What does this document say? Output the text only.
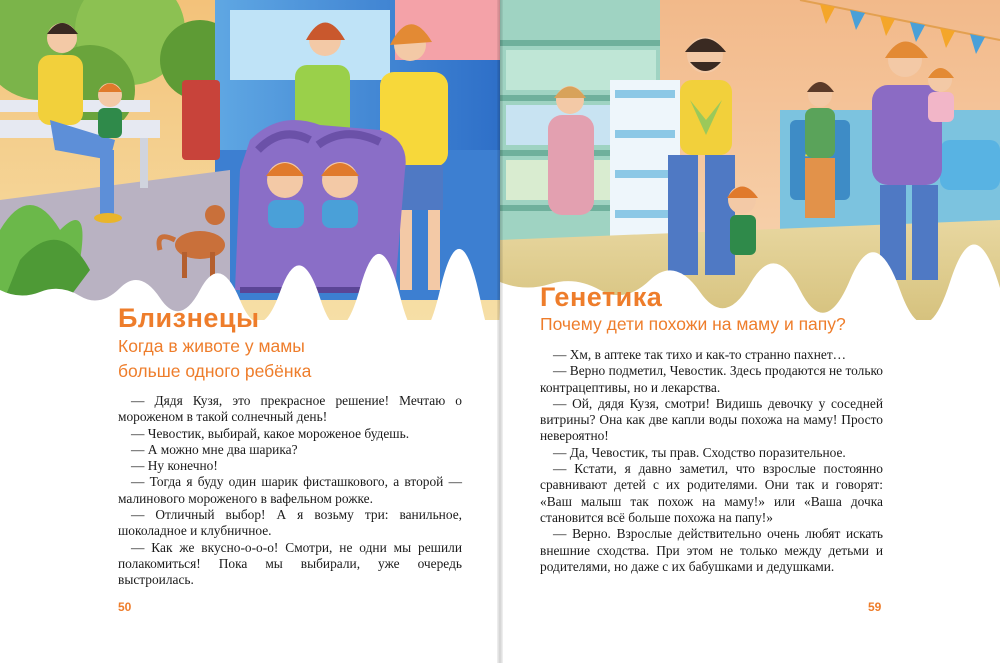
Близнецы
Когда в животе у мамы
больше одного ребёнка

— Дядя Кузя, это прекрасное решение! Мечтаю о мороженом в такой солнечный день!

— Чевостик, выбирай, какое мороженое будешь.

— А можно мне два шарика?

— Ну конечно!

— Тогда я буду один шарик фисташкового, а второй — малинового мороженого в вафельном рожке.

— Отличный выбор! А я возьму три: ванильное, шоколадное и клубничное.

— Как же вкусно-о-о-о! Смотри, не одни мы решили полакомиться! Пока мы выбирали, уже очередь выстроилась.

50
Генетика
Почему дети похожи на маму и папу?

— Хм, в аптеке так тихо и как-то странно пахнет…

— Верно подметил, Чевостик. Здесь продаются не только контрацептивы, но и лекарства.

— Ой, дядя Кузя, смотри! Видишь девочку у соседней витрины? Она как две капли воды похожа на маму! Просто невероятно!

— Да, Чевостик, ты прав. Сходство поразительное.

— Кстати, я давно заметил, что взрослые постоянно сравнивают детей с их родителями. Они так и говорят: «Ваш малыш так похож на маму!» или «Ваша дочка становится всё больше похожа на папу!»

— Верно. Взрослые действительно очень любят искать внешние сходства. При этом не только между детьми и родителями, но даже с их бабушками и дедушками.

59
